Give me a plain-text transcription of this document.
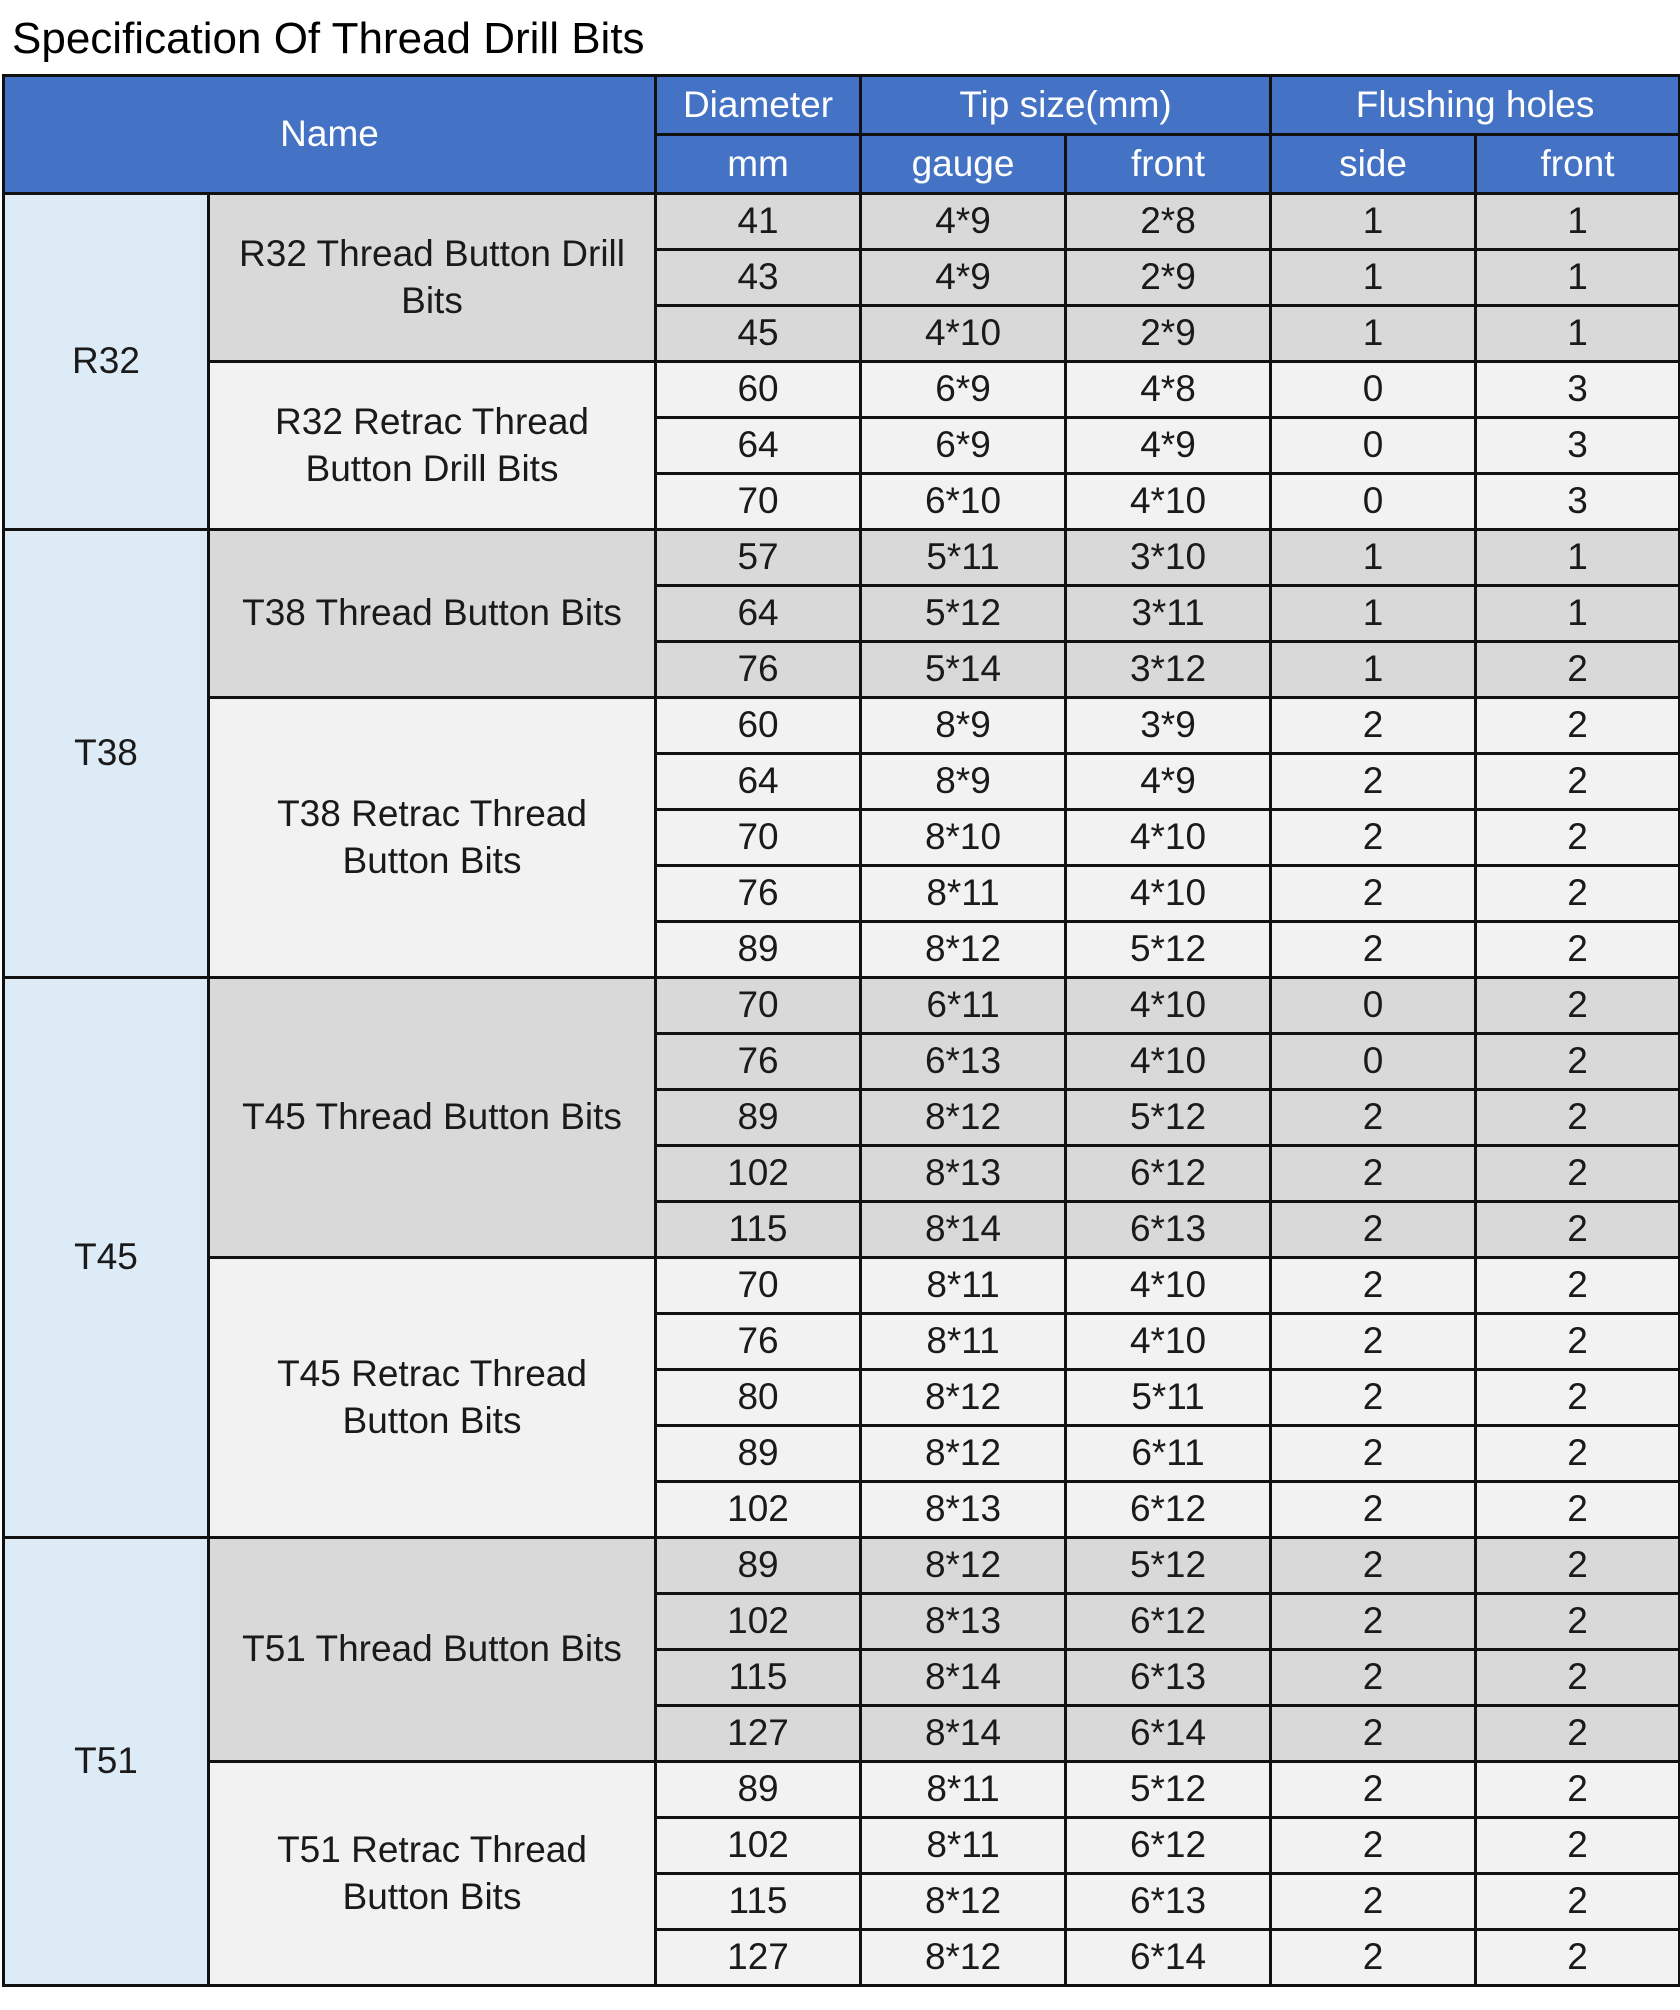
Specification Of Thread Drill Bits
Name		Diameter	Tip size(mm)		Flushing holes	
		mm	gauge	front	side	front
R32	R32 Thread Button Drill Bits	41	4*9	2*8	1	1
		43	4*9	2*9	1	1
		45	4*10	2*9	1	1
	R32 Retrac Thread Button Drill Bits	60	6*9	4*8	0	3
		64	6*9	4*9	0	3
		70	6*10	4*10	0	3
T38	T38 Thread Button Bits	57	5*11	3*10	1	1
		64	5*12	3*11	1	1
		76	5*14	3*12	1	2
	T38 Retrac Thread Button Bits	60	8*9	3*9	2	2
		64	8*9	4*9	2	2
		70	8*10	4*10	2	2
		76	8*11	4*10	2	2
		89	8*12	5*12	2	2
T45	T45 Thread Button Bits	70	6*11	4*10	0	2
		76	6*13	4*10	0	2
		89	8*12	5*12	2	2
		102	8*13	6*12	2	2
		115	8*14	6*13	2	2
	T45 Retrac Thread Button Bits	70	8*11	4*10	2	2
		76	8*11	4*10	2	2
		80	8*12	5*11	2	2
		89	8*12	6*11	2	2
		102	8*13	6*12	2	2
T51	T51 Thread Button Bits	89	8*12	5*12	2	2
		102	8*13	6*12	2	2
		115	8*14	6*13	2	2
		127	8*14	6*14	2	2
	T51 Retrac Thread Button Bits	89	8*11	5*12	2	2
		102	8*11	6*12	2	2
		115	8*12	6*13	2	2
		127	8*12	6*14	2	2
